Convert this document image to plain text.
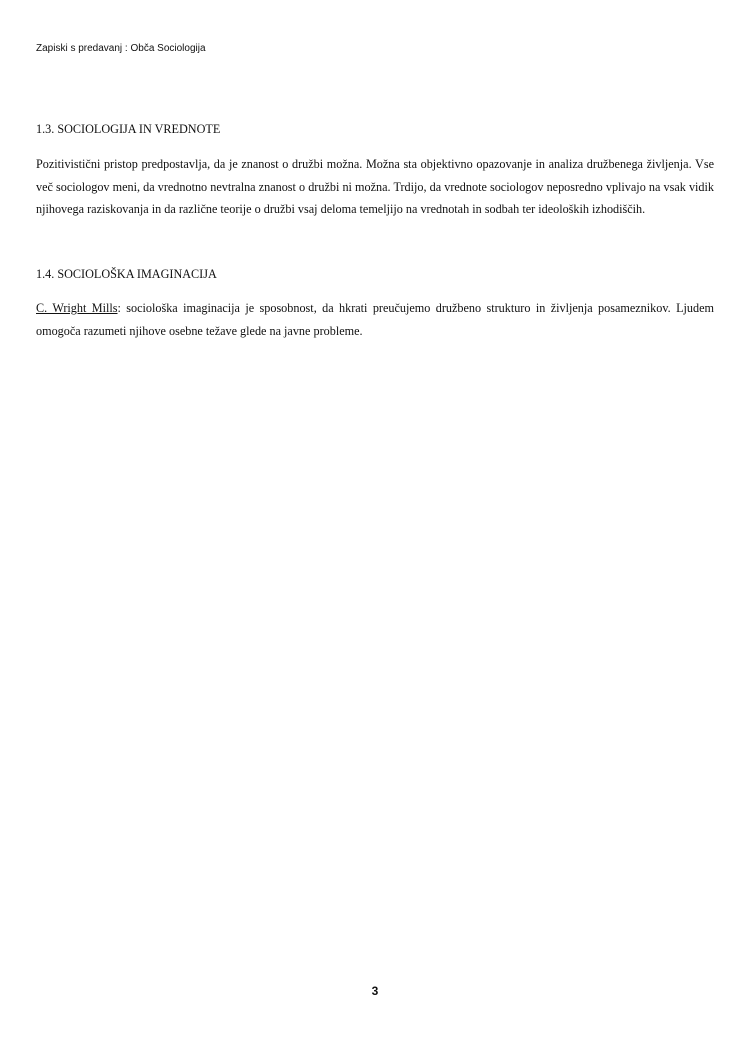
Zapiski s predavanj : Obča Sociologija
1.3. SOCIOLOGIJA IN VREDNOTE

Pozitivistični pristop predpostavlja, da je znanost o družbi možna. Možna sta objektivno opazovanje in analiza družbenega življenja. Vse več sociologov meni, da vrednotno nevtralna znanost o družbi ni možna. Trdijo, da vrednote sociologov neposredno vplivajo na vsak vidik njihovega raziskovanja in da različne teorije o družbi vsaj deloma temeljijo na vrednotah in sodbah ter ideoloških izhodiščih.

1.4. SOCIOLOŠKA IMAGINACIJA

C. Wright Mills: sociološka imaginacija je sposobnost, da hkrati preučujemo družbeno strukturo in življenja posameznikov. Ljudem omogoča razumeti njihove osebne težave glede na javne probleme.

3
